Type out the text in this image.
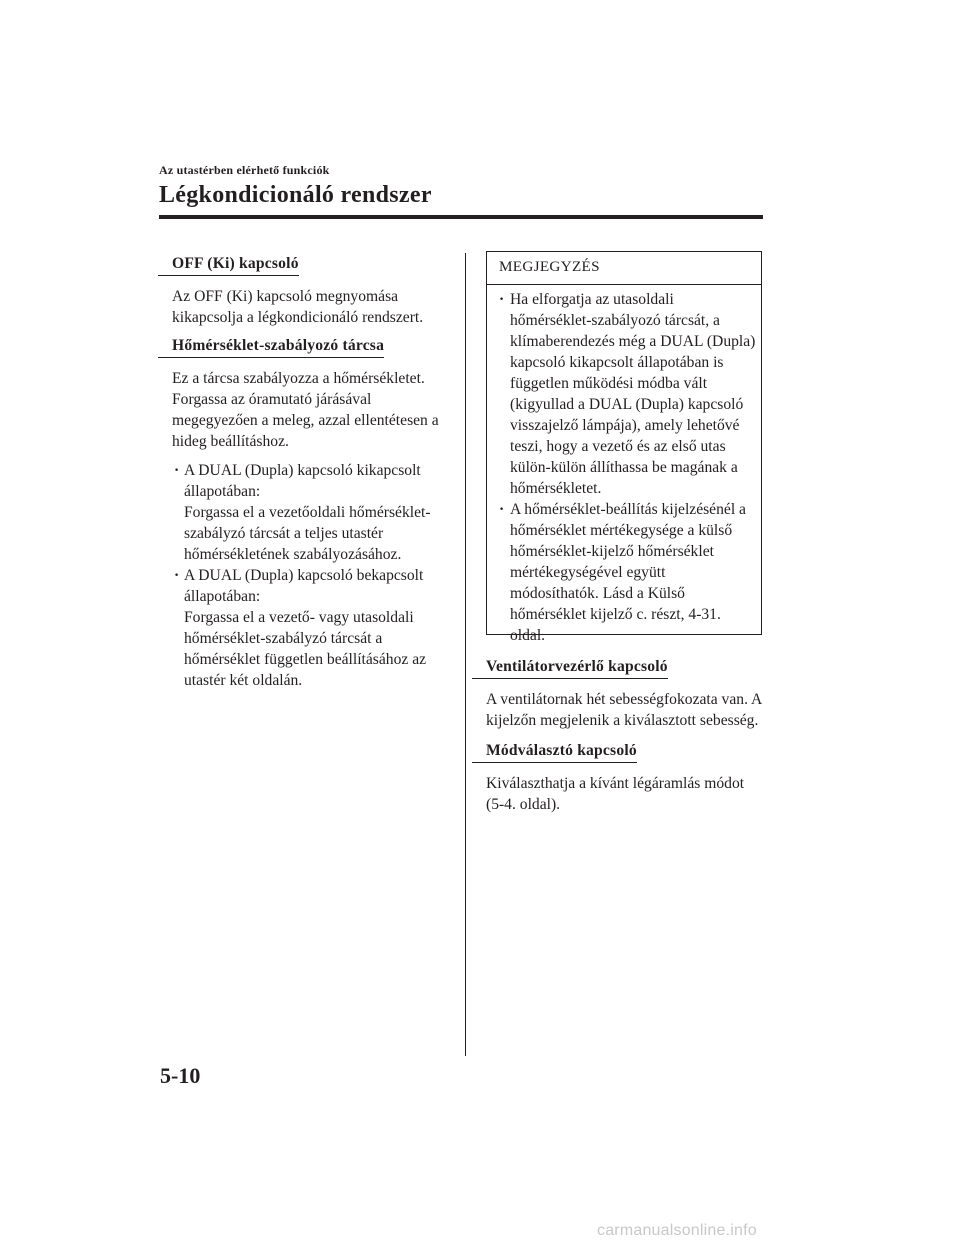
Az utastérben elérhető funkciók
Légkondicionáló rendszer
OFF (Ki) kapcsoló

Az OFF (Ki) kapcsoló megnyomása kikapcsolja a légkondicionáló rendszert.

Hőmérséklet-szabályozó tárcsa

Ez a tárcsa szabályozza a hőmérsékletet. Forgassa az óramutató járásával megegyezően a meleg, azzal ellentétesen a hideg beállításhoz.

· A DUAL (Dupla) kapcsoló kikapcsolt állapotában:
Forgassa el a vezetőoldali hőmérséklet-szabályzó tárcsát a teljes utastér hőmérsékletének szabályozásához.
· A DUAL (Dupla) kapcsoló bekapcsolt állapotában:
Forgassa el a vezető- vagy utasoldali hőmérséklet-szabályzó tárcsát a hőmérséklet független beállításához az utastér két oldalán.
MEGJEGYZÉS
· Ha elforgatja az utasoldali hőmérséklet-szabályozó tárcsát, a klímaberendezés még a DUAL (Dupla) kapcsoló kikapcsolt állapotában is független működési módba vált (kigyullad a DUAL (Dupla) kapcsoló visszajelző lámpája), amely lehetővé teszi, hogy a vezető és az első utas külön-külön állíthassa be magának a hőmérsékletet.
· A hőmérséklet-beállítás kijelzésénél a hőmérséklet mértékegysége a külső hőmérséklet-kijelző hőmérséklet mértékegységével együtt módosíthatók. Lásd a Külső hőmérséklet kijelző c. részt, 4-31. oldal.
Ventilátorvezérlő kapcsoló

A ventilátornak hét sebességfokozata van. A kijelzőn megjelenik a kiválasztott sebesség.

Módválasztó kapcsoló

Kiválaszthatja a kívánt légáramlás módot (5-4. oldal).

5-10
carmanualsonline.info
